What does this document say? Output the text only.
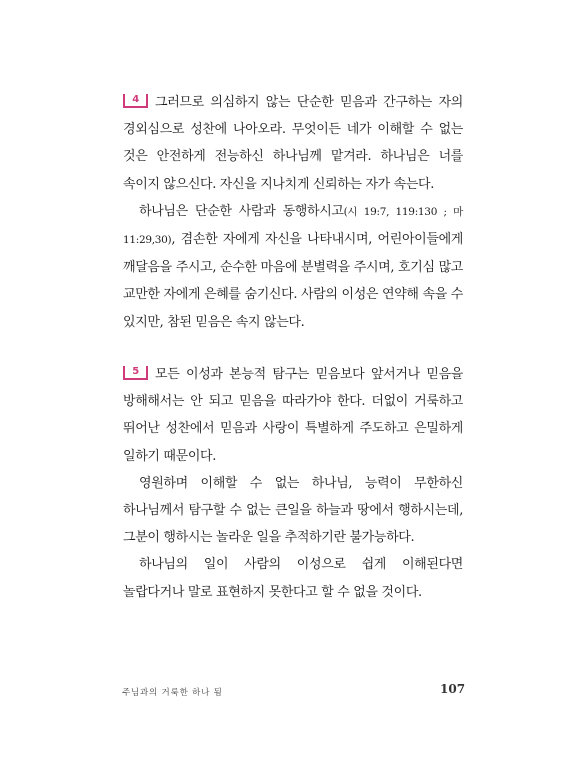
4	그러므로 의심하지 않는 단순한 믿음과 간구하는 자의 경외심으로 성찬에 나아오라. 무엇이든 네가 이해할 수 없는 것은 안전하게 전능하신 하나님께 맡겨라. 하나님은 너를 속이지 않으신다. 자신을 지나치게 신뢰하는 자가 속는다.

하나님은 단순한 사람과 동행하시고(시 19:7, 119:130 ; 마 11:29,30), 겸손한 자에게 자신을 나타내시며, 어린아이들에게 깨달음을 주시고, 순수한 마음에 분별력을 주시며, 호기심 많고 교만한 자에게 은혜를 숨기신다. 사람의 이성은 연약해 속을 수 있지만, 참된 믿음은 속지 않는다.

5	모든 이성과 본능적 탐구는 믿음보다 앞서거나 믿음을 방해해서는 안 되고 믿음을 따라가야 한다. 더없이 거룩하고 뛰어난 성찬에서 믿음과 사랑이 특별하게 주도하고 은밀하게 일하기 때문이다.

영원하며 이해할 수 없는 하나님, 능력이 무한하신 하나님께서 탐구할 수 없는 큰일을 하늘과 땅에서 행하시는데, 그분이 행하시는 놀라운 일을 추적하기란 불가능하다.

하나님의 일이 사람의 이성으로 쉽게 이해된다면 놀랍다거나 말로 표현하지 못한다고 할 수 없을 것이다.

주님과의 거룩한 하나 됨	107
